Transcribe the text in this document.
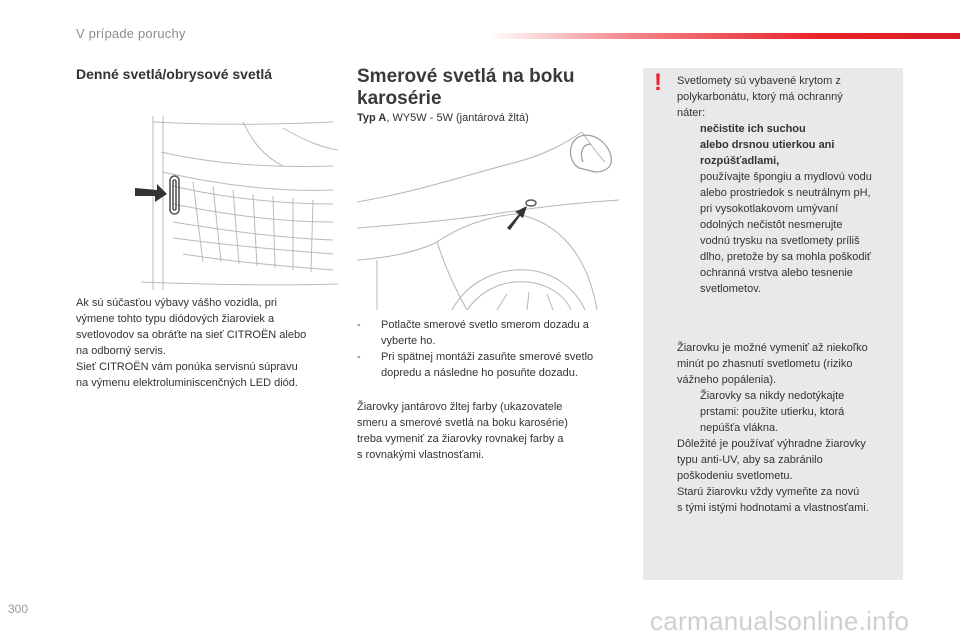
V prípade poruchy
Denné svetlá/obrysové svetlá
Ak sú súčasťou výbavy vášho vozidla, pri
výmene tohto typu diódových žiaroviek a
svetlovodov sa obráťte na sieť CITROËN alebo
na odborný servis.
Sieť CITROËN vám ponúka servisnú súpravu
na výmenu elektroluminiscenčných LED diód.
Smerové svetlá na boku
karosérie
Typ A, WY5W - 5W (jantárová žltá)
- Potlačte smerové svetlo smerom dozadu a
vyberte ho.
- Pri spätnej montáži zasuňte smerové svetlo
dopredu a následne ho posuňte dozadu.
Žiarovky jantárovo žltej farby (ukazovatele
smeru a smerové svetlá na boku karosérie)
treba vymeniť za žiarovky rovnakej farby a
s rovnakými vlastnosťami.
! Svetlomety sú vybavené krytom z
polykarbonátu, ktorý má ochranný
náter:
nečistite ich suchou
alebo drsnou utierkou ani
rozpúšťadlami,
používajte špongiu a mydlovú vodu
alebo prostriedok s neutrálnym pH,
pri vysokotlakovom umývaní
odolných nečistôt nesmerujte
vodnú trysku na svetlomety príliš
dlho, pretože by sa mohla poškodiť
ochranná vrstva alebo tesnenie
svetlometov.
Žiarovku je možné vymeniť až niekoľko
minút po zhasnutí svetlometu (riziko
vážneho popálenia).
Žiarovky sa nikdy nedotýkajte
prstami: použite utierku, ktorá
nepúšťa vlákna.
Dôležité je používať výhradne žiarovky
typu anti-UV, aby sa zabránilo
poškodeniu svetlometu.
Starú žiarovku vždy vymeňte za novú
s tými istými hodnotami a vlastnosťami.
300	carmanualsonline.info
